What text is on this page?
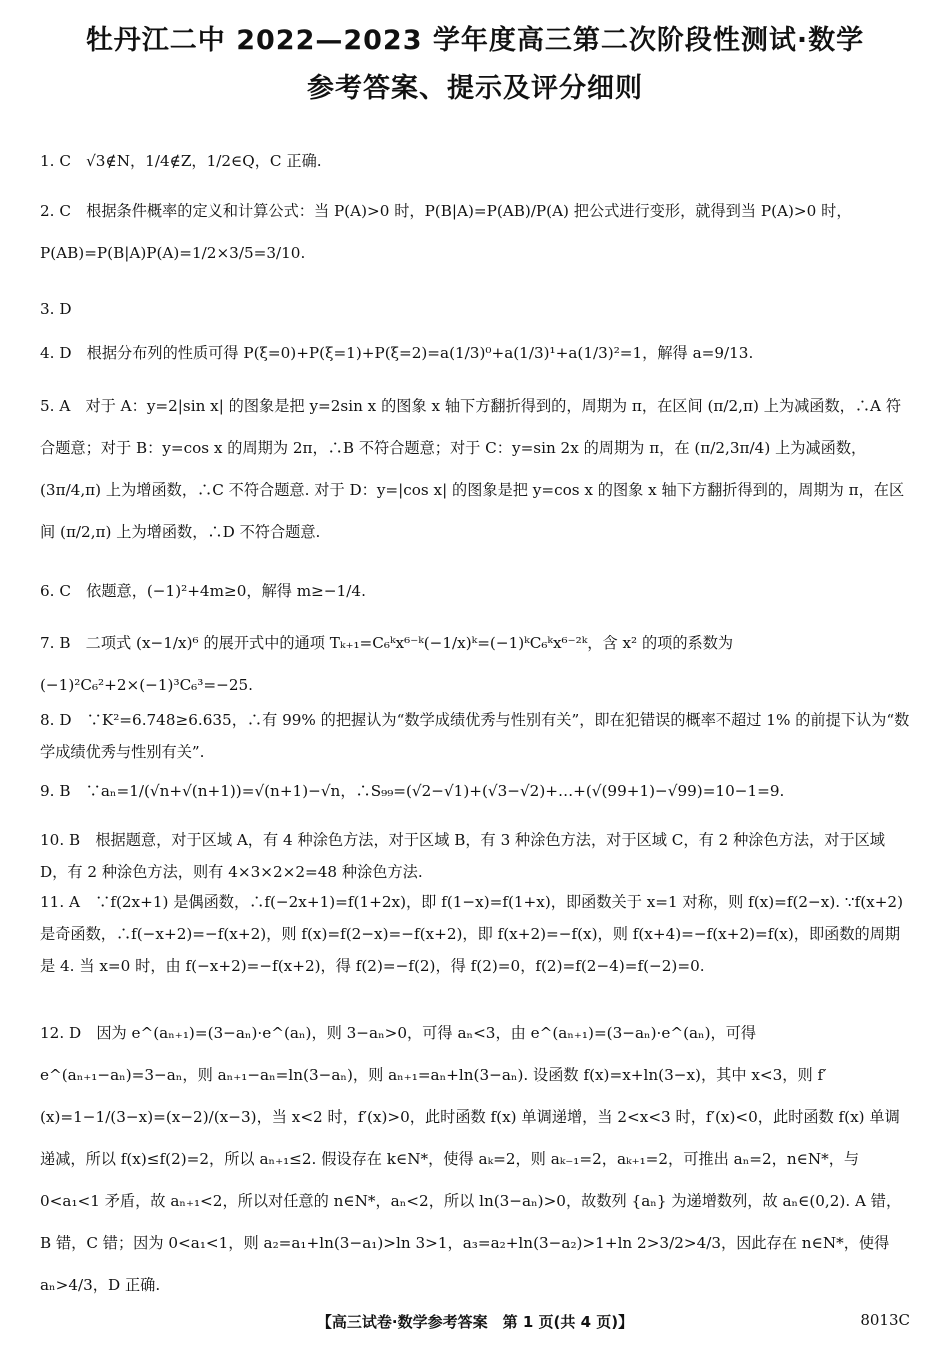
牡丹江二中 2022—2023 学年度高三第二次阶段性测试·数学
参考答案、提示及评分细则

1. C　√3∉N，1/4∉Z，1/2∈Q，C 正确.

2. C　根据条件概率的定义和计算公式：当 P(A)>0 时，P(B|A)=P(AB)/P(A) 把公式进行变形，就得到当 P(A)>0 时，P(AB)=P(B|A)P(A)=1/2×3/5=3/10.

3. D

4. D　根据分布列的性质可得 P(ξ=0)+P(ξ=1)+P(ξ=2)=a(1/3)⁰+a(1/3)¹+a(1/3)²=1，解得 a=9/13.

5. A　对于 A：y=2|sin x| 的图象是把 y=2sin x 的图象 x 轴下方翻折得到的，周期为 π，在区间 (π/2,π) 上为减函数，∴A 符合题意；对于 B：y=cos x 的周期为 2π，∴B 不符合题意；对于 C：y=sin 2x 的周期为 π，在 (π/2,3π/4) 上为减函数，(3π/4,π) 上为增函数，∴C 不符合题意. 对于 D：y=|cos x| 的图象是把 y=cos x 的图象 x 轴下方翻折得到的，周期为 π，在区间 (π/2,π) 上为增函数，∴D 不符合题意.

6. C　依题意，(−1)²+4m≥0，解得 m≥−1/4.

7. B　二项式 (x−1/x)⁶ 的展开式中的通项 Tₖ₊₁=C₆ᵏx⁶⁻ᵏ(−1/x)ᵏ=(−1)ᵏC₆ᵏx⁶⁻²ᵏ，含 x² 的项的系数为 (−1)²C₆²+2×(−1)³C₆³=−25.

8. D　∵K²=6.748≥6.635，∴有 99% 的把握认为“数学成绩优秀与性别有关”，即在犯错误的概率不超过 1% 的前提下认为“数学成绩优秀与性别有关”.

9. B　∵aₙ=1/(√n+√(n+1))=√(n+1)−√n，∴S₉₉=(√2−√1)+(√3−√2)+…+(√(99+1)−√99)=10−1=9.

10. B　根据题意，对于区域 A，有 4 种涂色方法，对于区域 B，有 3 种涂色方法，对于区域 C，有 2 种涂色方法，对于区域 D，有 2 种涂色方法，则有 4×3×2×2=48 种涂色方法.

11. A　∵f(2x+1) 是偶函数，∴f(−2x+1)=f(1+2x)，即 f(1−x)=f(1+x)，即函数关于 x=1 对称，则 f(x)=f(2−x). ∵f(x+2) 是奇函数，∴f(−x+2)=−f(x+2)，则 f(x)=f(2−x)=−f(x+2)，即 f(x+2)=−f(x)，则 f(x+4)=−f(x+2)=f(x)，即函数的周期是 4. 当 x=0 时，由 f(−x+2)=−f(x+2)，得 f(2)=−f(2)，得 f(2)=0，f(2)=f(2−4)=f(−2)=0.

12. D　因为 e^(aₙ₊₁)=(3−aₙ)·e^(aₙ)，则 3−aₙ>0，可得 aₙ<3，由 e^(aₙ₊₁)=(3−aₙ)·e^(aₙ)，可得 e^(aₙ₊₁−aₙ)=3−aₙ，则 aₙ₊₁−aₙ=ln(3−aₙ)，则 aₙ₊₁=aₙ+ln(3−aₙ). 设函数 f(x)=x+ln(3−x)，其中 x<3，则 f′(x)=1−1/(3−x)=(x−2)/(x−3)，当 x<2 时，f′(x)>0，此时函数 f(x) 单调递增，当 2<x<3 时，f′(x)<0，此时函数 f(x) 单调递减，所以 f(x)≤f(2)=2，所以 aₙ₊₁≤2. 假设存在 k∈N*，使得 aₖ=2，则 aₖ₋₁=2，aₖ₊₁=2，可推出 aₙ=2，n∈N*，与 0<a₁<1 矛盾，故 aₙ₊₁<2，所以对任意的 n∈N*，aₙ<2，所以 ln(3−aₙ)>0，故数列 {aₙ} 为递增数列，故 aₙ∈(0,2). A 错，B 错，C 错；因为 0<a₁<1，则 a₂=a₁+ln(3−a₁)>ln 3>1，a₃=a₂+ln(3−a₂)>1+ln 2>3/2>4/3，因此存在 n∈N*，使得 aₙ>4/3，D 正确.

【高三试卷·数学参考答案　第 1 页(共 4 页)】	8013C
